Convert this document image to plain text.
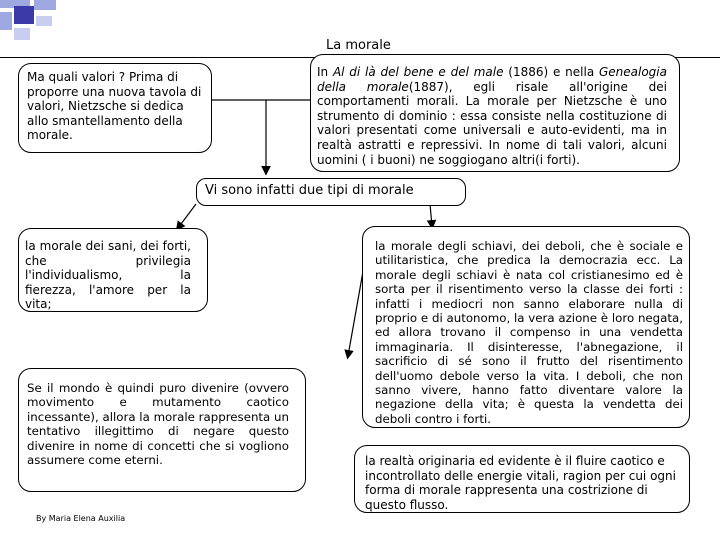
La morale
Ma quali valori ? Prima di proporre una nuova tavola di valori, Nietzsche si dedica allo smantellamento della morale.
In Al di là del bene e del male (1886) e nella Genealogia della morale(1887), egli risale all'origine dei comportamenti morali. La morale per Nietzsche è uno strumento di dominio : essa consiste nella costituzione di valori presentati come universali e auto-evidenti, ma in realtà astratti e repressivi. In nome di tali valori, alcuni uomini ( i buoni) ne soggiogano altri(i forti).
Vi sono infatti due tipi di morale
la morale dei sani, dei forti, che privilegia l'individualismo, la fierezza, l'amore per la vita;
la morale degli schiavi, dei deboli, che è sociale e utilitaristica, che predica la democrazia ecc. La morale degli schiavi è nata col cristianesimo ed è sorta per il risentimento verso la classe dei forti : infatti i mediocri non sanno elaborare nulla di proprio e di autonomo, la vera azione è loro negata, ed allora trovano il compenso in una vendetta immaginaria. Il disinteresse, l'abnegazione, il sacrificio di sé sono il frutto del risentimento dell'uomo debole verso la vita. I deboli, che non sanno vivere, hanno fatto diventare valore la negazione della vita; è questa la vendetta dei deboli contro i forti.
Se il mondo è quindi puro divenire (ovvero movimento e mutamento caotico incessante), allora la morale rappresenta un tentativo illegittimo di negare questo divenire in nome di concetti che si vogliono assumere come eterni.	la realtà originaria ed evidente è il fluire caotico e incontrollato delle energie vitali, ragion per cui ogni forma di morale rappresenta una costrizione di questo flusso.
By Maria Elena Auxilia
